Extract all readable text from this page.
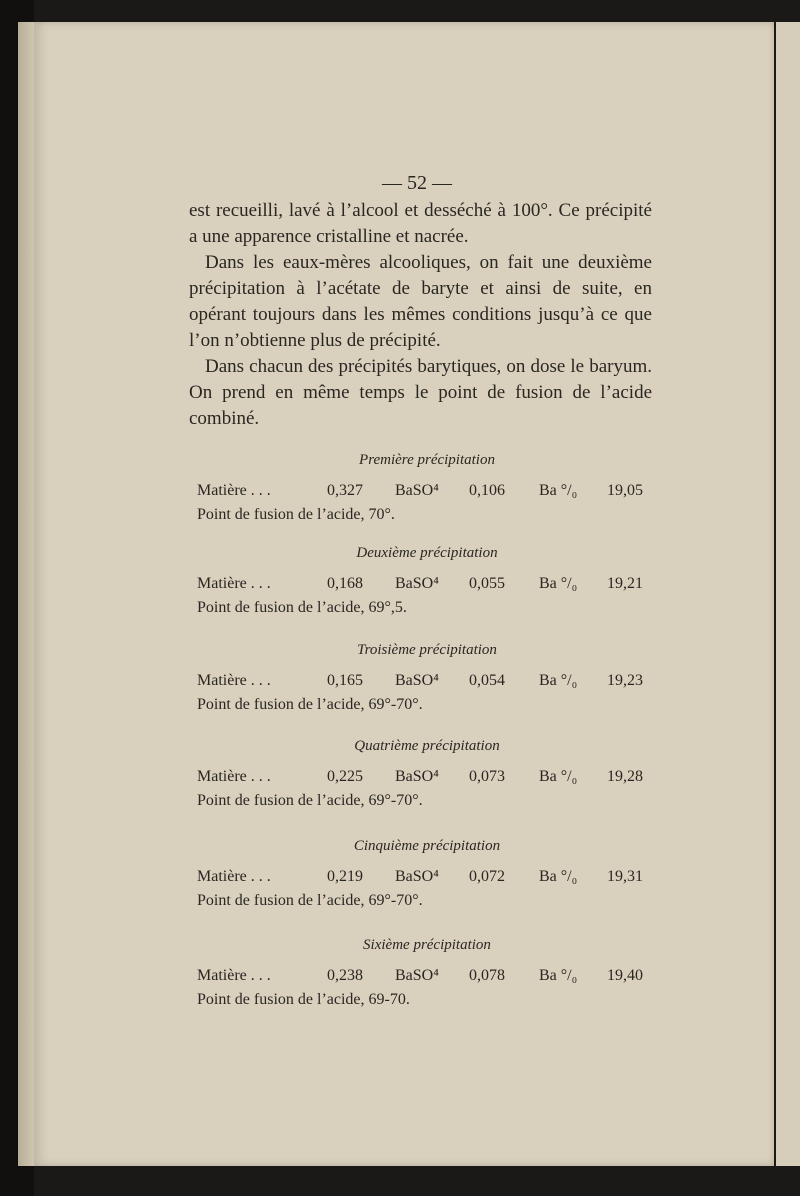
— 52 —

est recueilli, lavé à l’alcool et desséché à 100°. Ce précipité a une apparence cristalline et nacrée.

Dans les eaux-mères alcooliques, on fait une deuxième précipitation à l’acétate de baryte et ainsi de suite, en opérant toujours dans les mêmes conditions jusqu’à ce que l’on n’obtienne plus de précipité.

Dans chacun des précipités barytiques, on dose le baryum. On prend en même temps le point de fusion de l’acide combiné.

Première précipitation
Matière . . .	0,327 BaSO⁴ 0,106 Ba °/₀ 19,05
Point de fusion de l’acide, 70°.
Deuxième précipitation
Matière . . .	0,168 BaSO⁴ 0,055 Ba °/₀ 19,21
Point de fusion de l’acide, 69°,5.
Troisième précipitation
Matière . . .	0,165 BaSO⁴ 0,054 Ba °/₀ 19,23
Point de fusion de l’acide, 69°-70°.
Quatrième précipitation
Matière . . .	0,225 BaSO⁴ 0,073 Ba °/₀ 19,28
Point de fusion de l’acide, 69°-70°.
Cinquième précipitation
Matière . . .	0,219 BaSO⁴ 0,072 Ba °/₀ 19,31
Point de fusion de l’acide, 69°-70°.
Sixième précipitation
Matière . . .	0,238 BaSO⁴ 0,078 Ba °/₀ 19,40
Point de fusion de l’acide, 69-70.
